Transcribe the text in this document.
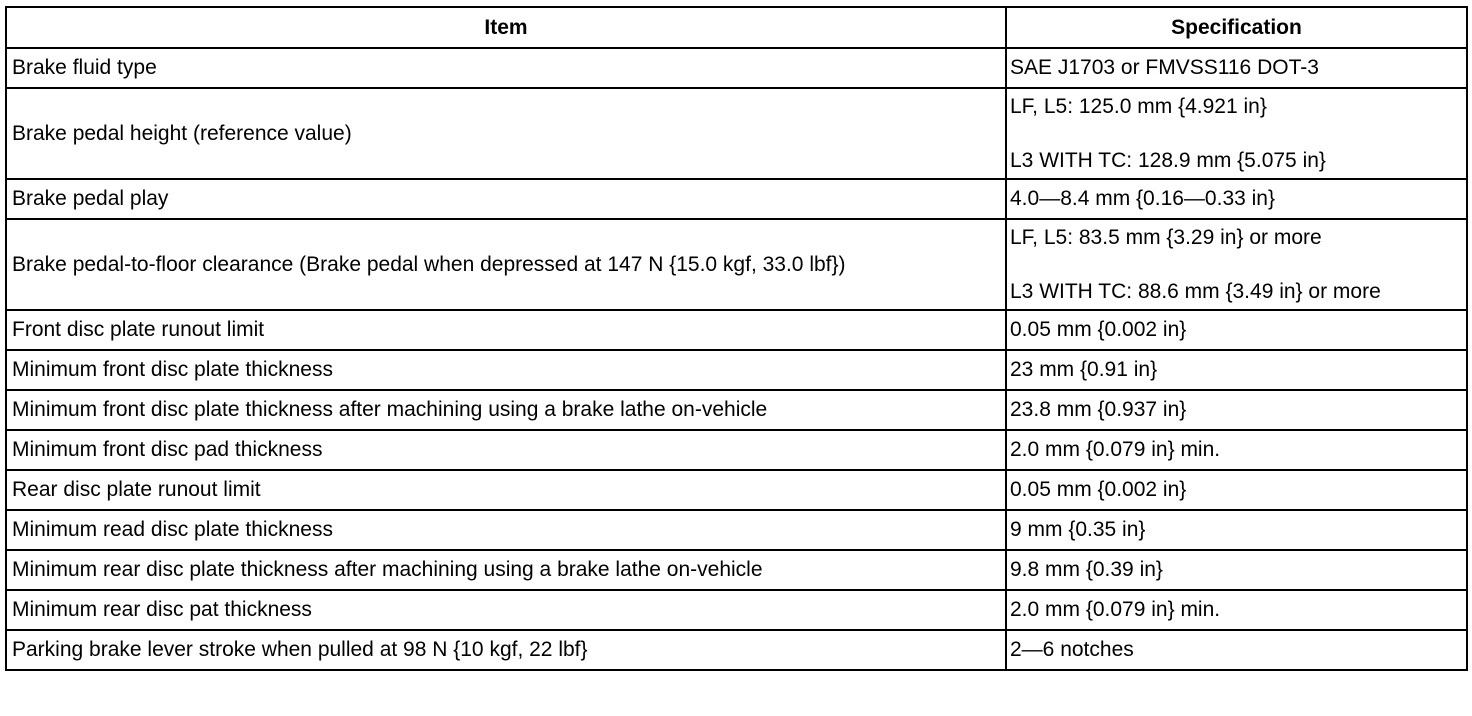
Item	Specification
Brake fluid type	SAE J1703 or FMVSS116 DOT-3
Brake pedal height (reference value)	LF, L5: 125.0 mm {4.921 in}
L3 WITH TC: 128.9 mm {5.075 in}

Brake pedal play	4.0—8.4 mm {0.16—0.33 in}
Brake pedal-to-floor clearance (Brake pedal when depressed at 147 N {15.0 kgf, 33.0 lbf})	LF, L5: 83.5 mm {3.29 in} or more
L3 WITH TC: 88.6 mm {3.49 in} or more

Front disc plate runout limit	0.05 mm {0.002 in}
Minimum front disc plate thickness	23 mm {0.91 in}
Minimum front disc plate thickness after machining using a brake lathe on-vehicle	23.8 mm {0.937 in}
Minimum front disc pad thickness	2.0 mm {0.079 in} min.
Rear disc plate runout limit	0.05 mm {0.002 in}
Minimum read disc plate thickness	9 mm {0.35 in}
Minimum rear disc plate thickness after machining using a brake lathe on-vehicle	9.8 mm {0.39 in}
Minimum rear disc pat thickness	2.0 mm {0.079 in} min.
Parking brake lever stroke when pulled at 98 N {10 kgf, 22 lbf}	2—6 notches
